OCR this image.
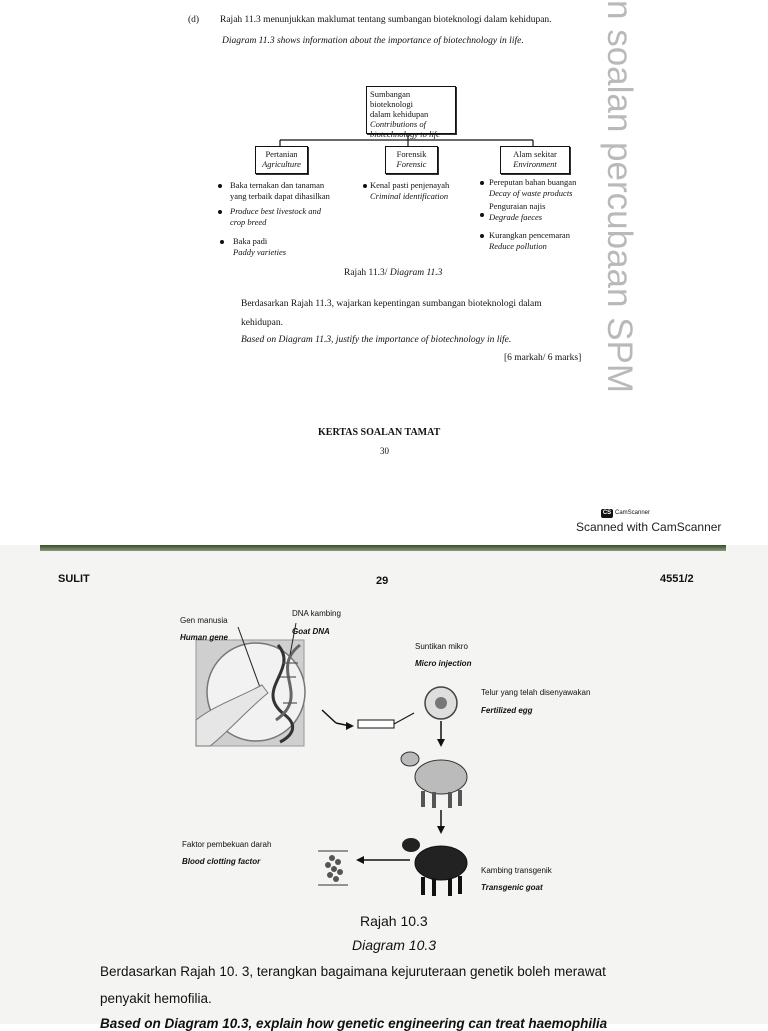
(d) Rajah 11.3 menunjukkan maklumat tentang sumbangan bioteknologi dalam kehidupan.
Diagram 11.3 shows information about the importance of biotechnology in life.
Sumbangan bioteknologi
dalam kehidupan
Contributions of
biotechnology to life
Pertanian
Agriculture
Forensik
Forensic
Alam sekitar
Environment
Baka ternakan dan tanaman
yang terbaik dapat dihasilkan
Produce best livestock and
crop breed
Baka padi
Paddy varieties
Kenal pasti penjenayah
Criminal identification
Pereputan bahan buangan
Decay of waste products
Penguraian najis
Degrade faeces
Kurangkan pencemaran
Reduce pollution
Rajah 11.3/ Diagram 11.3
Berdasarkan Rajah 11.3, wajarkan kepentingan sumbangan bioteknologi dalam
kehidupan.
Based on Diagram 11.3, justify the importance of biotechnology in life.
[6 markah/ 6 marks]
KERTAS SOALAN TAMAT
30
n soalan percubaan SPM
CS CamScanner
Scanned with CamScanner
SULIT	29	4551/2
Gen manusia
Human gene
DNA kambing
Goat DNA
Suntikan mikro
Micro injection
Telur yang telah disenyawakan
Fertilized egg
Faktor pembekuan darah
Blood clotting factor
Kambing transgenik
Transgenic goat
Rajah 10.3
Diagram 10.3
Berdasarkan Rajah 10. 3, terangkan bagaimana kejuruteraan genetik boleh merawat
penyakit hemofilia.
Based on Diagram 10.3, explain how genetic engineering can treat haemophilia
